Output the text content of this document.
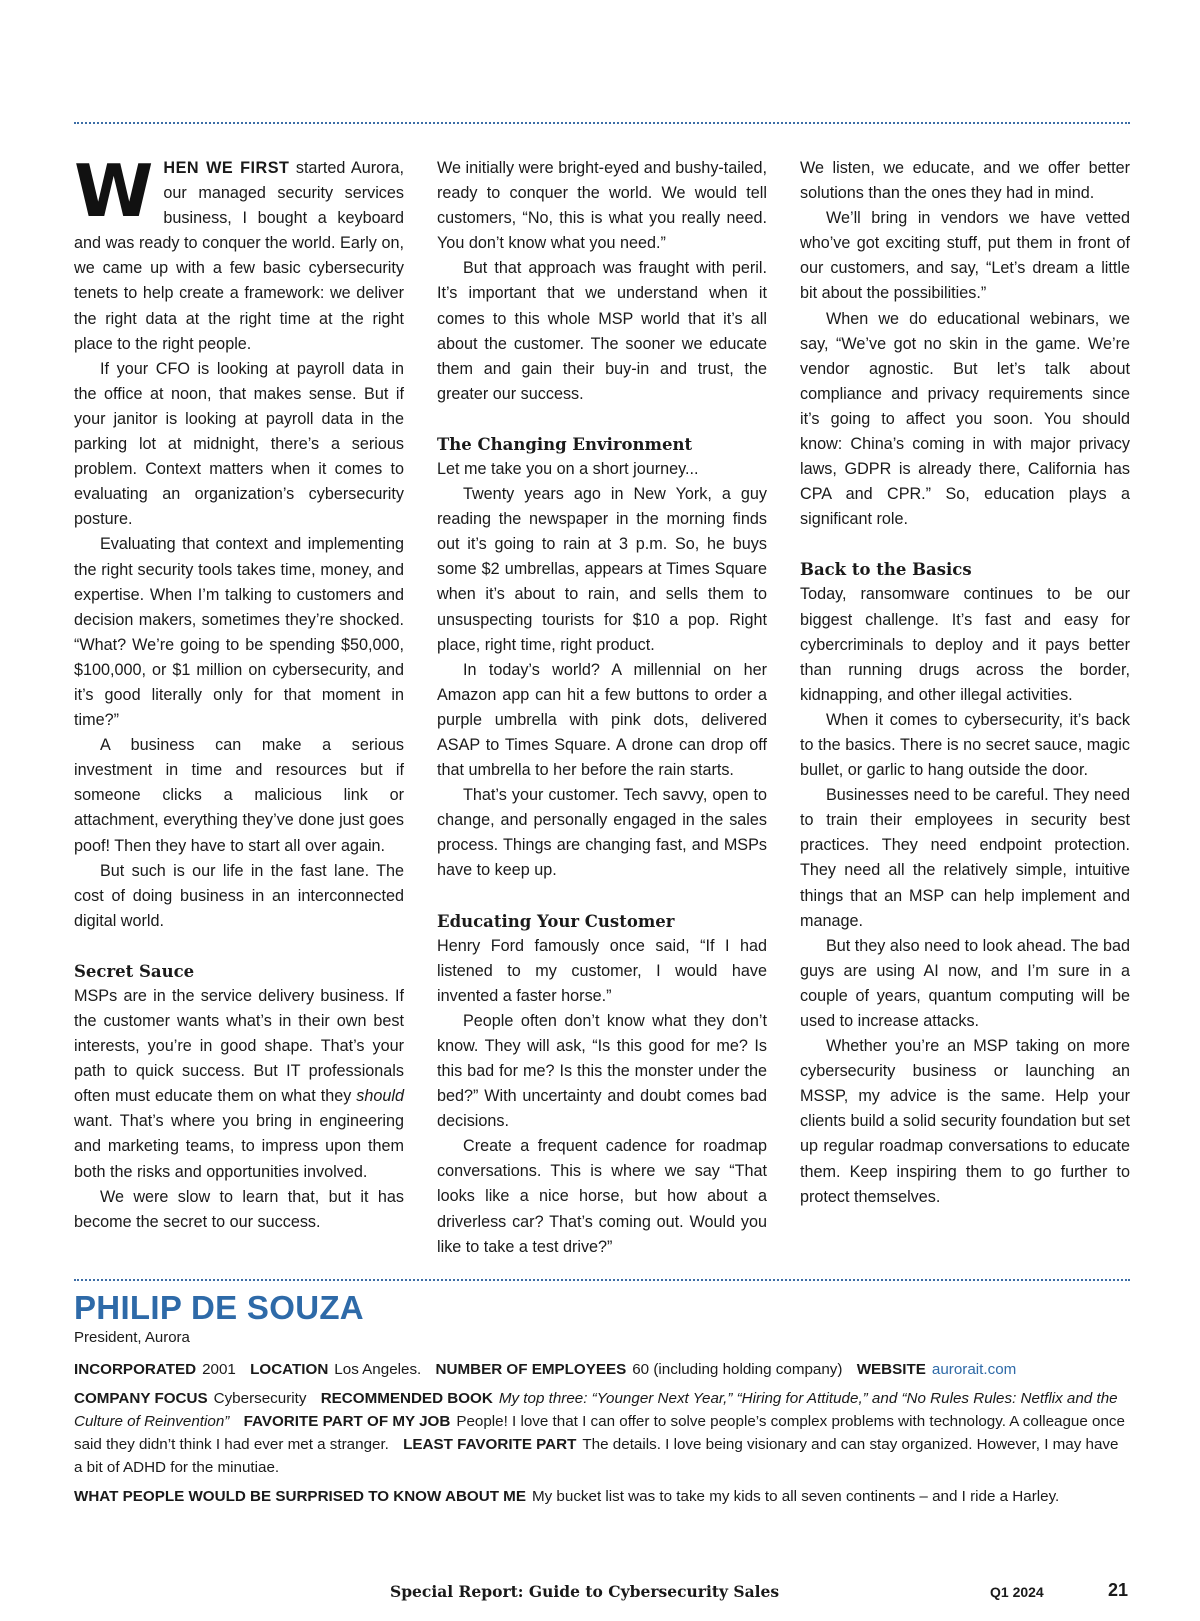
WHEN WE FIRST started Aurora, our managed security services business, I bought a keyboard and was ready to conquer the world. Early on, we came up with a few basic cybersecurity tenets to help create a framework: we deliver the right data at the right time at the right place to the right people.

If your CFO is looking at payroll data in the office at noon, that makes sense. But if your janitor is looking at payroll data in the parking lot at midnight, there’s a serious problem. Context matters when it comes to evaluating an organization’s cybersecurity posture.

Evaluating that context and implementing the right security tools takes time, money, and expertise. When I’m talking to customers and decision makers, sometimes they’re shocked. “What? We’re going to be spending $50,000, $100,000, or $1 million on cybersecurity, and it’s good literally only for that moment in time?”

A business can make a serious investment in time and resources but if someone clicks a malicious link or attachment, everything they’ve done just goes poof! Then they have to start all over again.

But such is our life in the fast lane. The cost of doing business in an interconnected digital world.

Secret Sauce

MSPs are in the service delivery business. If the customer wants what’s in their own best interests, you’re in good shape. That’s your path to quick success. But IT professionals often must educate them on what they should want. That’s where you bring in engineering and marketing teams, to impress upon them both the risks and opportunities involved.

We were slow to learn that, but it has become the secret to our success.

We initially were bright-eyed and bushy-tailed, ready to conquer the world. We would tell customers, “No, this is what you really need. You don’t know what you need.”

But that approach was fraught with peril. It’s important that we understand when it comes to this whole MSP world that it’s all about the customer. The sooner we educate them and gain their buy-in and trust, the greater our success.

The Changing Environment

Let me take you on a short journey...

Twenty years ago in New York, a guy reading the newspaper in the morning finds out it’s going to rain at 3 p.m. So, he buys some $2 umbrellas, appears at Times Square when it’s about to rain, and sells them to unsuspecting tourists for $10 a pop. Right place, right time, right product.

In today’s world? A millennial on her Amazon app can hit a few buttons to order a purple umbrella with pink dots, delivered ASAP to Times Square. A drone can drop off that umbrella to her before the rain starts.

That’s your customer. Tech savvy, open to change, and personally engaged in the sales process. Things are changing fast, and MSPs have to keep up.

Educating Your Customer

Henry Ford famously once said, “If I had listened to my customer, I would have invented a faster horse.”

People often don’t know what they don’t know. They will ask, “Is this good for me? Is this bad for me? Is this the monster under the bed?” With uncertainty and doubt comes bad decisions.

Create a frequent cadence for roadmap conversations. This is where we say “That looks like a nice horse, but how about a driverless car? That’s coming out. Would you like to take a test drive?”

We listen, we educate, and we offer better solutions than the ones they had in mind.

We’ll bring in vendors we have vetted who’ve got exciting stuff, put them in front of our customers, and say, “Let’s dream a little bit about the possibilities.”

When we do educational webinars, we say, “We’ve got no skin in the game. We’re vendor agnostic. But let’s talk about compliance and privacy requirements since it’s going to affect you soon. You should know: China’s coming in with major privacy laws, GDPR is already there, California has CPA and CPR.” So, education plays a significant role.

Back to the Basics

Today, ransomware continues to be our biggest challenge. It’s fast and easy for cybercriminals to deploy and it pays better than running drugs across the border, kidnapping, and other illegal activities.

When it comes to cybersecurity, it’s back to the basics. There is no secret sauce, magic bullet, or garlic to hang outside the door.

Businesses need to be careful. They need to train their employees in security best practices. They need endpoint protection. They need all the relatively simple, intuitive things that an MSP can help implement and manage.

But they also need to look ahead. The bad guys are using AI now, and I’m sure in a couple of years, quantum computing will be used to increase attacks.

Whether you’re an MSP taking on more cybersecurity business or launching an MSSP, my advice is the same. Help your clients build a solid security foundation but set up regular roadmap conversations to educate them. Keep inspiring them to go further to protect themselves.

PHILIP DE SOUZA
President, Aurora
INCORPORATED 2001 LOCATION Los Angeles. NUMBER OF EMPLOYEES 60 (including holding company) WEBSITE aurorait.com
COMPANY FOCUS Cybersecurity RECOMMENDED BOOK My top three: “Younger Next Year,” “Hiring for Attitude,” and “No Rules Rules: Netflix and the Culture of Reinvention” FAVORITE PART OF MY JOB People! I love that I can offer to solve people’s complex problems with technology. A colleague once said they didn’t think I had ever met a stranger. LEAST FAVORITE PART The details. I love being visionary and can stay organized. However, I may have a bit of ADHD for the minutiae.
WHAT PEOPLE WOULD BE SURPRISED TO KNOW ABOUT ME My bucket list was to take my kids to all seven continents – and I ride a Harley.
Special Report: Guide to Cybersecurity Sales	Q1 2024	21
